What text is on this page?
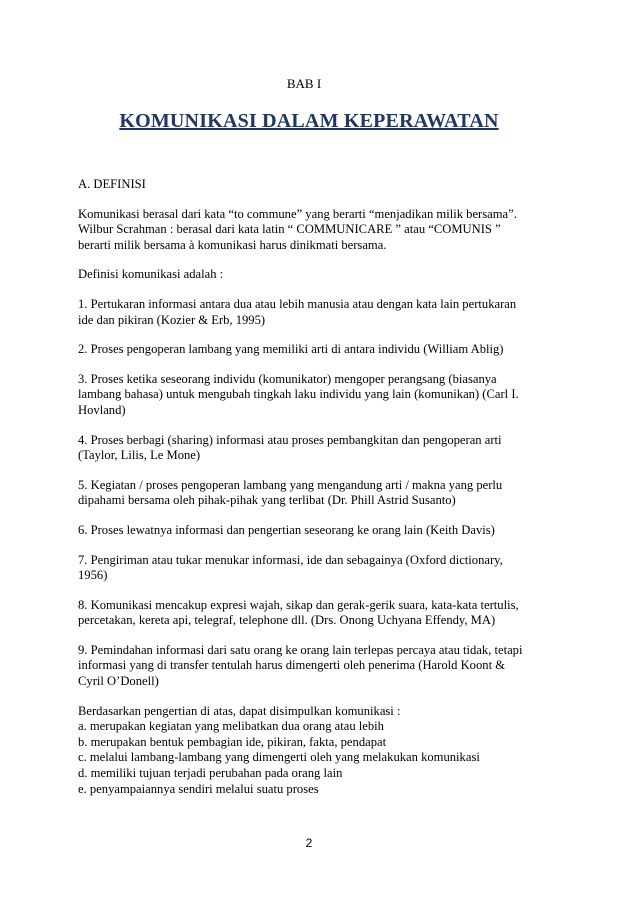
BAB I
KOMUNIKASI DALAM KEPERAWATAN

A. DEFINISI

Komunikasi berasal dari kata “to commune” yang berarti “menjadikan milik bersama”.
Wilbur Scrahman : berasal dari kata latin “ COMMUNICARE ” atau “COMUNIS ”
berarti milik bersama à komunikasi harus dinikmati bersama.

Definisi komunikasi adalah :

1. Pertukaran informasi antara dua atau lebih manusia atau dengan kata lain pertukaran
ide dan pikiran (Kozier & Erb, 1995)

2. Proses pengoperan lambang yang memiliki arti di antara individu (William Ablig)

3. Proses ketika seseorang individu (komunikator) mengoper perangsang (biasanya
lambang bahasa) untuk mengubah tingkah laku individu yang lain (komunikan) (Carl I.
Hovland)

4. Proses berbagi (sharing) informasi atau proses pembangkitan dan pengoperan arti
(Taylor, Lilis, Le Mone)

5. Kegiatan / proses pengoperan lambang yang mengandung arti / makna yang perlu
dipahami bersama oleh pihak-pihak yang terlibat (Dr. Phill Astrid Susanto)

6. Proses lewatnya informasi dan pengertian seseorang ke orang lain (Keith Davis)

7. Pengiriman atau tukar menukar informasi, ide dan sebagainya (Oxford dictionary,
1956)

8. Komunikasi mencakup expresi wajah, sikap dan gerak-gerik suara, kata-kata tertulis,
percetakan, kereta api, telegraf, telephone dll. (Drs. Onong Uchyana Effendy, MA)

9. Pemindahan informasi dari satu orang ke orang lain terlepas percaya atau tidak, tetapi
informasi yang di transfer tentulah harus dimengerti oleh penerima (Harold Koont &
Cyril O’Donell)

Berdasarkan pengertian di atas, dapat disimpulkan komunikasi :
a. merupakan kegiatan yang melibatkan dua orang atau lebih
b. merupakan bentuk pembagian ide, pikiran, fakta, pendapat
c. melalui lambang-lambang yang dimengerti oleh yang melakukan komunikasi
d. memiliki tujuan terjadi perubahan pada orang lain
e. penyampaiannya sendiri melalui suatu proses

2
